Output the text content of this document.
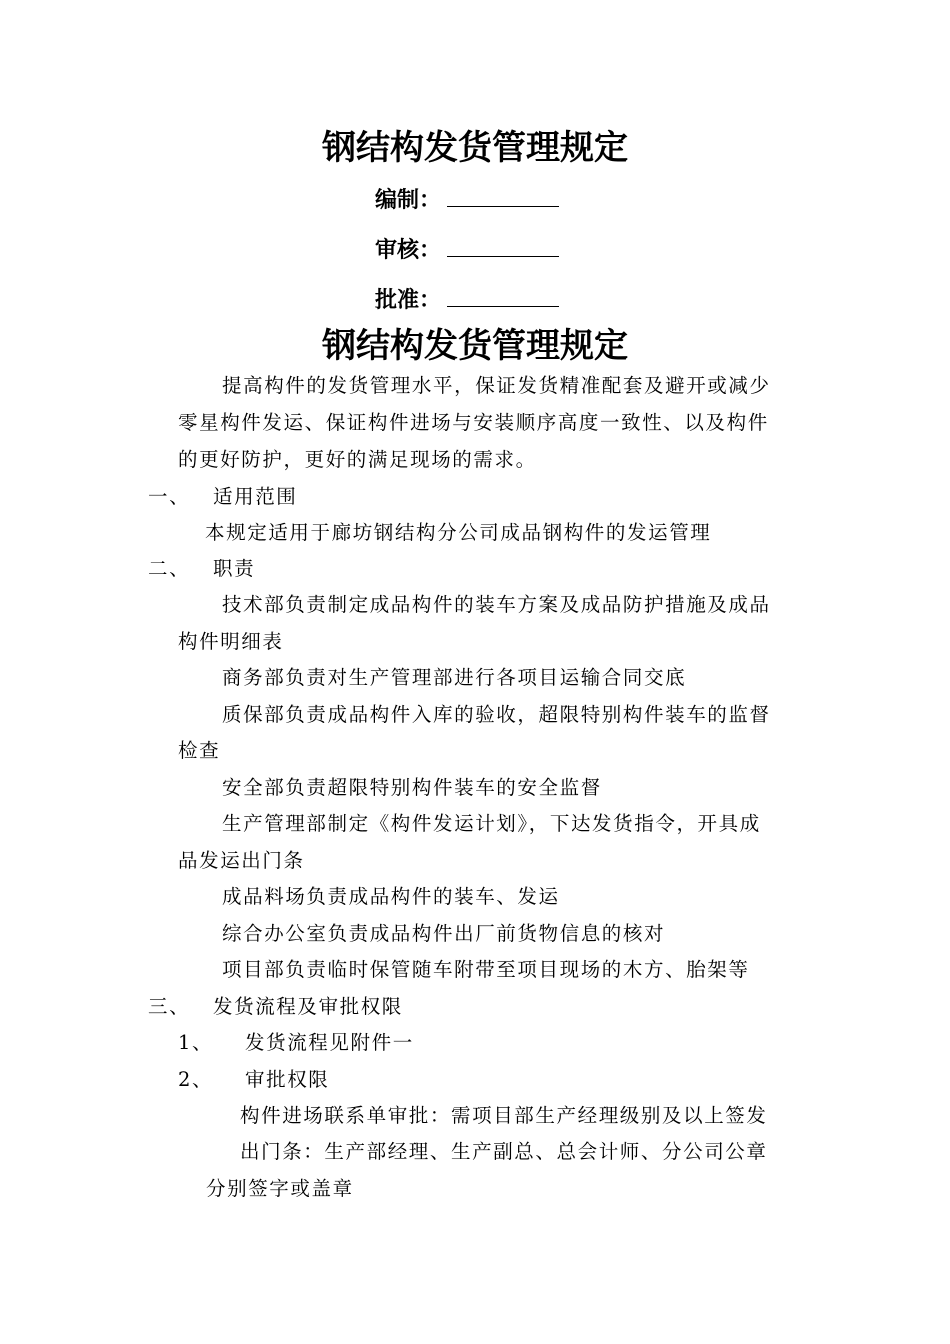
钢结构发货管理规定
编制：
审核：
批准：
钢结构发货管理规定
提高构件的发货管理水平，保证发货精准配套及避开或减少
零星构件发运、保证构件进场与安装顺序高度一致性、以及构件
的更好防护，更好的满足现场的需求。
一、 适用范围
本规定适用于廊坊钢结构分公司成品钢构件的发运管理
二、 职责
技术部负责制定成品构件的装车方案及成品防护措施及成品
构件明细表
商务部负责对生产管理部进行各项目运输合同交底
质保部负责成品构件入库的验收，超限特别构件装车的监督
检查
安全部负责超限特别构件装车的安全监督
生产管理部制定《构件发运计划》，下达发货指令，开具成
品发运出门条
成品料场负责成品构件的装车、发运
综合办公室负责成品构件出厂前货物信息的核对
项目部负责临时保管随车附带至项目现场的木方、胎架等
三、 发货流程及审批权限
1、 发货流程见附件一
2、 审批权限
构件进场联系单审批：需项目部生产经理级别及以上签发
出门条：生产部经理、生产副总、总会计师、分公司公章
分别签字或盖章
